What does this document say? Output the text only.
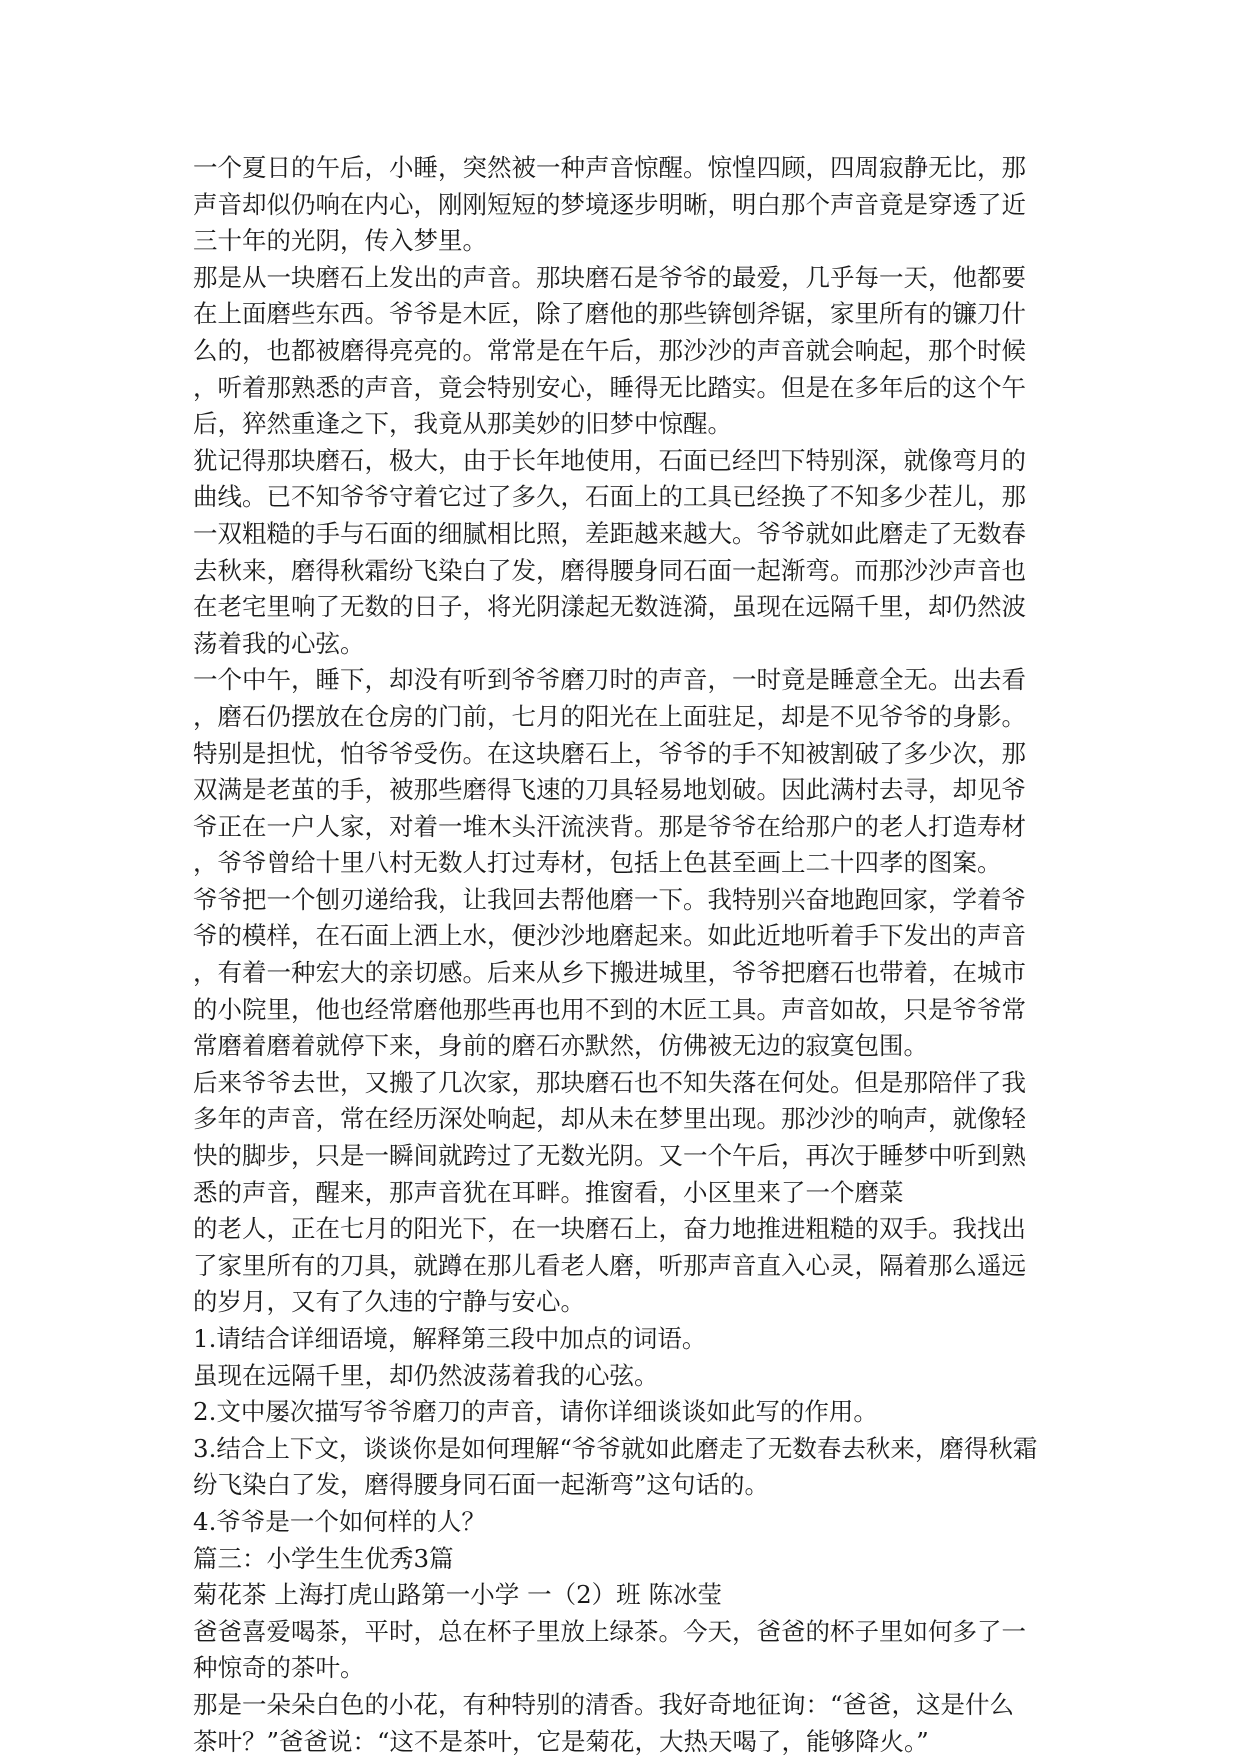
一个夏日的午后，小睡，突然被一种声音惊醒。惊惶四顾，四周寂静无比，那
声音却似仍响在内心，刚刚短短的梦境逐步明晰，明白那个声音竟是穿透了近
三十年的光阴，传入梦里。
那是从一块磨石上发出的声音。那块磨石是爷爷的最爱，几乎每一天，他都要
在上面磨些东西。爷爷是木匠，除了磨他的那些锛刨斧锯，家里所有的镰刀什
么的，也都被磨得亮亮的。常常是在午后，那沙沙的声音就会响起，那个时候
，听着那熟悉的声音，竟会特别安心，睡得无比踏实。但是在多年后的这个午
后，猝然重逢之下，我竟从那美妙的旧梦中惊醒。
犹记得那块磨石，极大，由于长年地使用，石面已经凹下特别深，就像弯月的
曲线。已不知爷爷守着它过了多久，石面上的工具已经换了不知多少茬儿，那
一双粗糙的手与石面的细腻相比照，差距越来越大。爷爷就如此磨走了无数春
去秋来，磨得秋霜纷飞染白了发，磨得腰身同石面一起渐弯。而那沙沙声音也
在老宅里响了无数的日子，将光阴漾起无数涟漪，虽现在远隔千里，却仍然波
荡着我的心弦。
一个中午，睡下，却没有听到爷爷磨刀时的声音，一时竟是睡意全无。出去看
，磨石仍摆放在仓房的门前，七月的阳光在上面驻足，却是不见爷爷的身影。
特别是担忧，怕爷爷受伤。在这块磨石上，爷爷的手不知被割破了多少次，那
双满是老茧的手，被那些磨得飞速的刀具轻易地划破。因此满村去寻，却见爷
爷正在一户人家，对着一堆木头汗流浃背。那是爷爷在给那户的老人打造寿材
，爷爷曾给十里八村无数人打过寿材，包括上色甚至画上二十四孝的图案。
爷爷把一个刨刃递给我，让我回去帮他磨一下。我特别兴奋地跑回家，学着爷
爷的模样，在石面上洒上水，便沙沙地磨起来。如此近地听着手下发出的声音
，有着一种宏大的亲切感。后来从乡下搬进城里，爷爷把磨石也带着，在城市
的小院里，他也经常磨他那些再也用不到的木匠工具。声音如故，只是爷爷常
常磨着磨着就停下来，身前的磨石亦默然，仿佛被无边的寂寞包围。
后来爷爷去世，又搬了几次家，那块磨石也不知失落在何处。但是那陪伴了我
多年的声音，常在经历深处响起，却从未在梦里出现。那沙沙的响声，就像轻
快的脚步，只是一瞬间就跨过了无数光阴。又一个午后，再次于睡梦中听到熟
悉的声音，醒来，那声音犹在耳畔。推窗看，小区里来了一个磨菜
的老人，正在七月的阳光下，在一块磨石上，奋力地推进粗糙的双手。我找出
了家里所有的刀具，就蹲在那儿看老人磨，听那声音直入心灵，隔着那么遥远
的岁月，又有了久违的宁静与安心。
1.请结合详细语境，解释第三段中加点的词语。
虽现在远隔千里，却仍然波荡着我的心弦。
2.文中屡次描写爷爷磨刀的声音，请你详细谈谈如此写的作用。
3.结合上下文，谈谈你是如何理解“爷爷就如此磨走了无数春去秋来，磨得秋霜
纷飞染白了发，磨得腰身同石面一起渐弯”这句话的。
4.爷爷是一个如何样的人？
篇三：小学生生优秀3篇
菊花茶 上海打虎山路第一小学 一（2）班 陈冰莹
爸爸喜爱喝茶，平时，总在杯子里放上绿茶。今天，爸爸的杯子里如何多了一
种惊奇的茶叶。
那是一朵朵白色的小花，有种特别的清香。我好奇地征询：“爸爸，这是什么
茶叶？”爸爸说：“这不是茶叶，它是菊花，大热天喝了，能够降火。”
